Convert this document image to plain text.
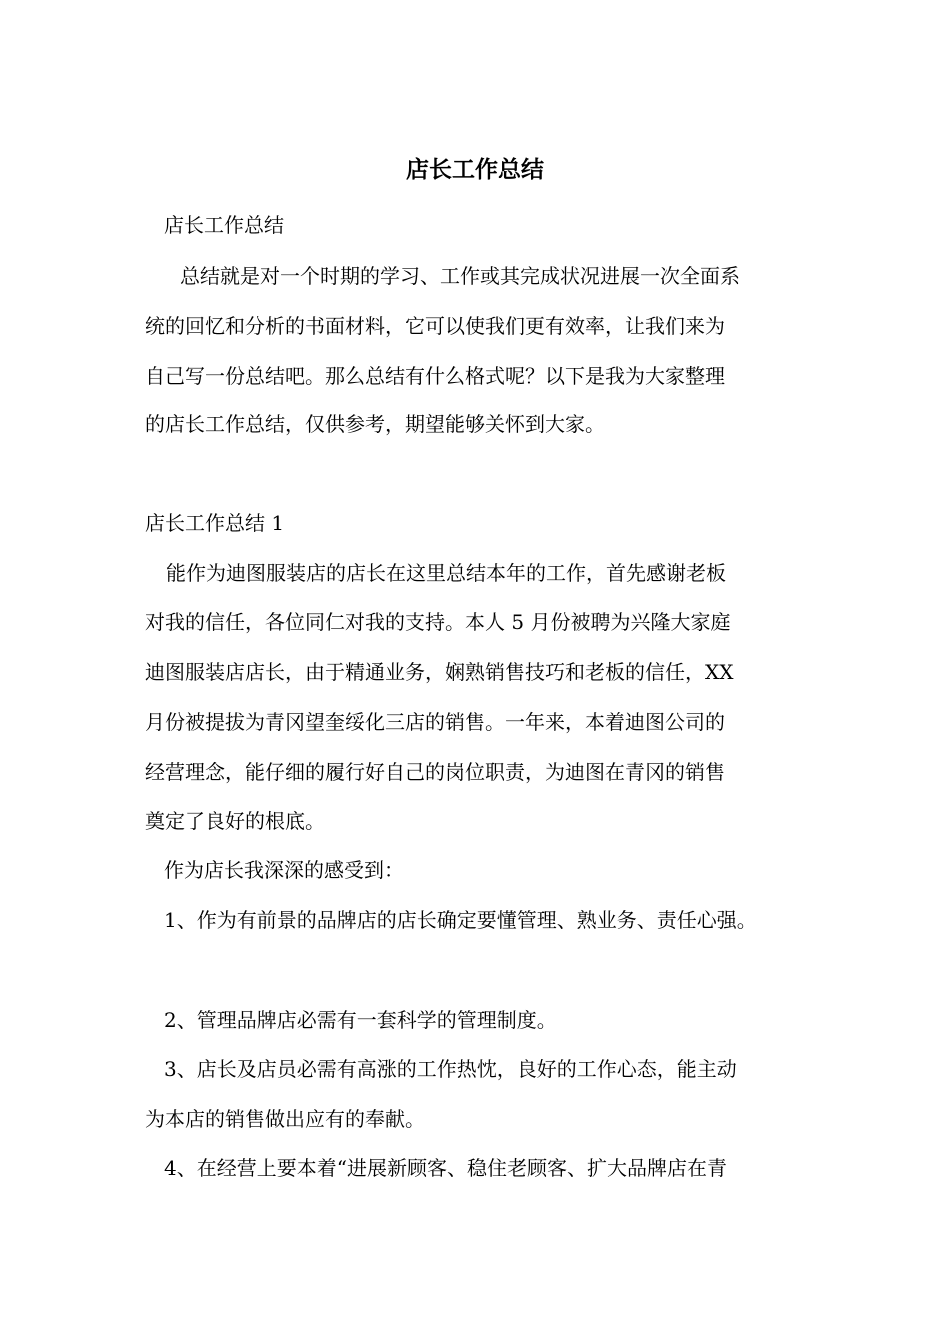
店长工作总结
店长工作总结
总结就是对一个时期的学习、工作或其完成状况进展一次全面系
统的回忆和分析的书面材料，它可以使我们更有效率，让我们来为
自己写一份总结吧。那么总结有什么格式呢？以下是我为大家整理
的店长工作总结，仅供参考，期望能够关怀到大家。
店长工作总结 1
能作为迪图服装店的店长在这里总结本年的工作，首先感谢老板
对我的信任，各位同仁对我的支持。本人 5 月份被聘为兴隆大家庭
迪图服装店店长，由于精通业务，娴熟销售技巧和老板的信任，XX
月份被提拔为青冈望奎绥化三店的销售。一年来，本着迪图公司的
经营理念，能仔细的履行好自己的岗位职责，为迪图在青冈的销售
奠定了良好的根底。
作为店长我深深的感受到：
1、作为有前景的品牌店的店长确定要懂管理、熟业务、责任心强。
2、管理品牌店必需有一套科学的管理制度。
3、店长及店员必需有高涨的工作热忱，良好的工作心态，能主动
为本店的销售做出应有的奉献。
4、在经营上要本着“进展新顾客、稳住老顾客、扩大品牌店在青
